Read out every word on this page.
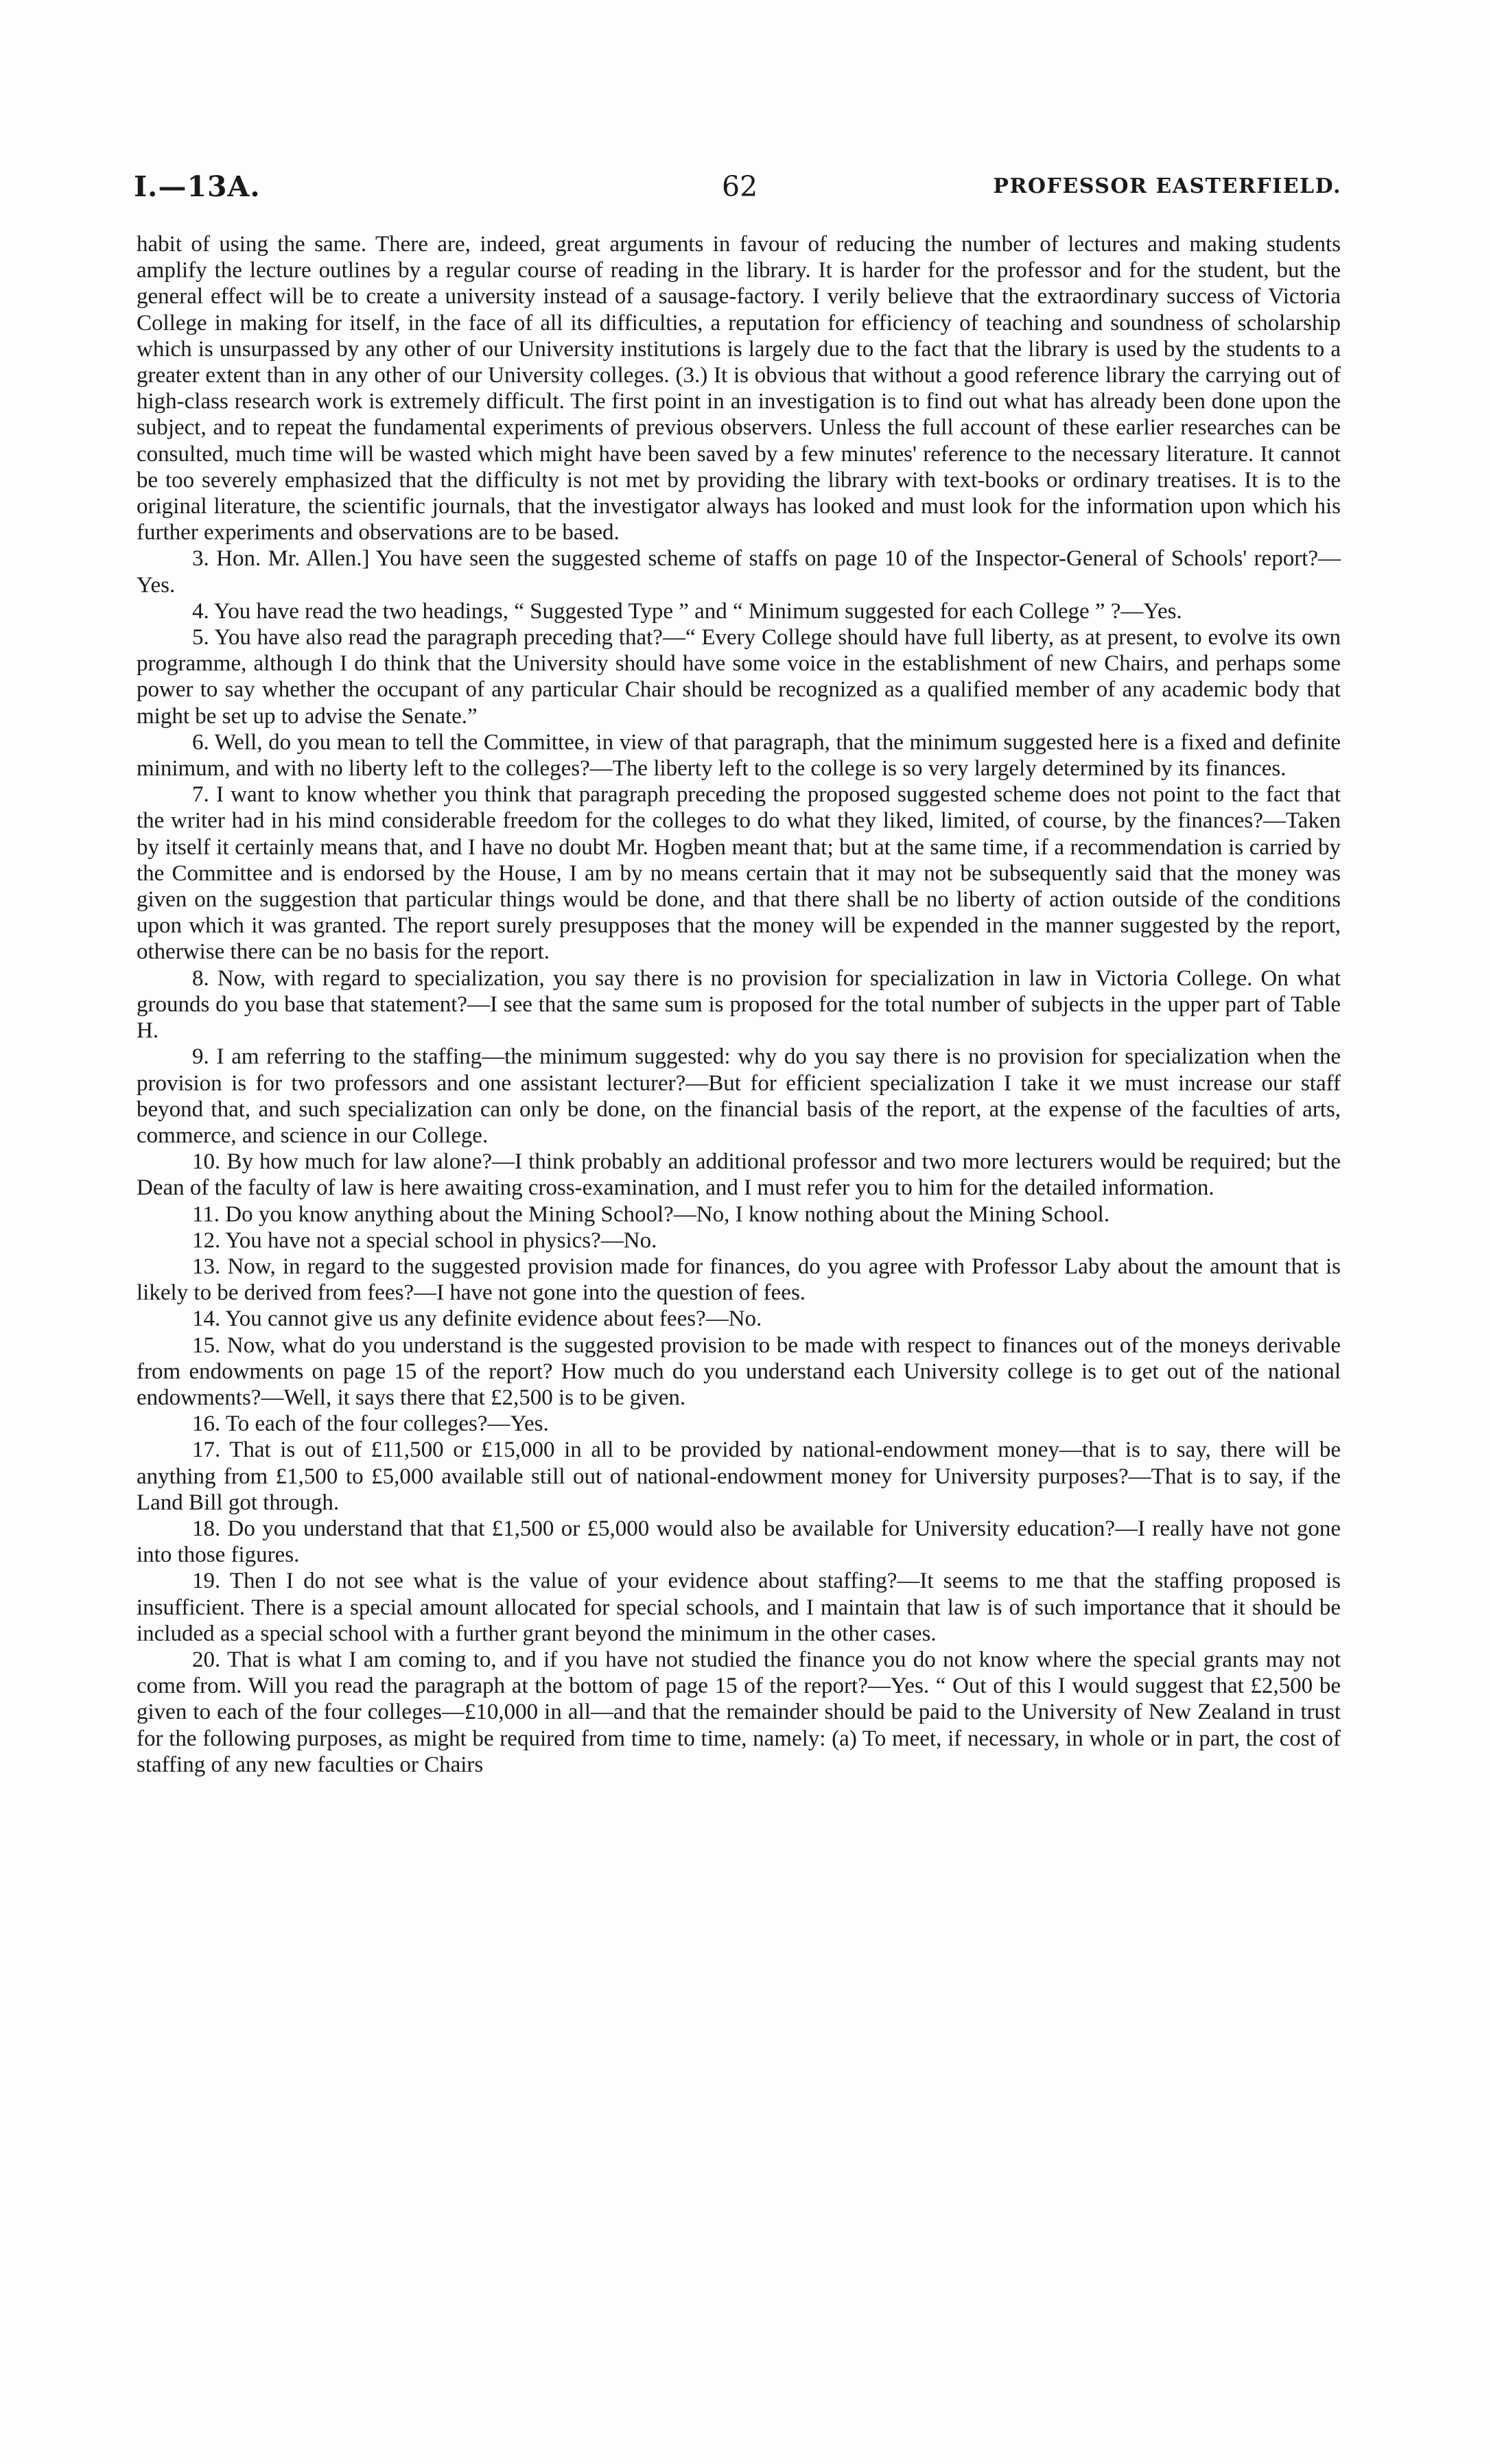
I.—13A.	62	PROFESSOR EASTERFIELD.

habit of using the same. There are, indeed, great arguments in favour of reducing the number of lectures and making students amplify the lecture outlines by a regular course of reading in the library. It is harder for the professor and for the student, but the general effect will be to create a university instead of a sausage-factory. I verily believe that the extraordinary success of Victoria College in making for itself, in the face of all its difficulties, a reputation for efficiency of teaching and soundness of scholarship which is unsurpassed by any other of our University institutions is largely due to the fact that the library is used by the students to a greater extent than in any other of our University colleges. (3.) It is obvious that without a good reference library the carrying out of high-class research work is extremely difficult. The first point in an investigation is to find out what has already been done upon the subject, and to repeat the fundamental experiments of previous observers. Unless the full account of these earlier researches can be consulted, much time will be wasted which might have been saved by a few minutes' reference to the necessary literature. It cannot be too severely emphasized that the difficulty is not met by providing the library with text-books or ordinary treatises. It is to the original literature, the scientific journals, that the investigator always has looked and must look for the information upon which his further experiments and observations are to be based.

3. Hon. Mr. Allen.] You have seen the suggested scheme of staffs on page 10 of the Inspector-General of Schools' report?—Yes.

4. You have read the two headings, “ Suggested Type ” and “ Minimum suggested for each College ” ?—Yes.

5. You have also read the paragraph preceding that?—“ Every College should have full liberty, as at present, to evolve its own programme, although I do think that the University should have some voice in the establishment of new Chairs, and perhaps some power to say whether the occupant of any particular Chair should be recognized as a qualified member of any academic body that might be set up to advise the Senate.”

6. Well, do you mean to tell the Committee, in view of that paragraph, that the minimum suggested here is a fixed and definite minimum, and with no liberty left to the colleges?—The liberty left to the college is so very largely determined by its finances.

7. I want to know whether you think that paragraph preceding the proposed suggested scheme does not point to the fact that the writer had in his mind considerable freedom for the colleges to do what they liked, limited, of course, by the finances?—Taken by itself it certainly means that, and I have no doubt Mr. Hogben meant that; but at the same time, if a recommendation is carried by the Committee and is endorsed by the House, I am by no means certain that it may not be subsequently said that the money was given on the suggestion that particular things would be done, and that there shall be no liberty of action outside of the conditions upon which it was granted. The report surely presupposes that the money will be expended in the manner suggested by the report, otherwise there can be no basis for the report.

8. Now, with regard to specialization, you say there is no provision for specialization in law in Victoria College. On what grounds do you base that statement?—I see that the same sum is proposed for the total number of subjects in the upper part of Table H.

9. I am referring to the staffing—the minimum suggested: why do you say there is no provision for specialization when the provision is for two professors and one assistant lecturer?—But for efficient specialization I take it we must increase our staff beyond that, and such specialization can only be done, on the financial basis of the report, at the expense of the faculties of arts, commerce, and science in our College.

10. By how much for law alone?—I think probably an additional professor and two more lecturers would be required; but the Dean of the faculty of law is here awaiting cross-examination, and I must refer you to him for the detailed information.

11. Do you know anything about the Mining School?—No, I know nothing about the Mining School.

12. You have not a special school in physics?—No.

13. Now, in regard to the suggested provision made for finances, do you agree with Professor Laby about the amount that is likely to be derived from fees?—I have not gone into the question of fees.

14. You cannot give us any definite evidence about fees?—No.

15. Now, what do you understand is the suggested provision to be made with respect to finances out of the moneys derivable from endowments on page 15 of the report? How much do you understand each University college is to get out of the national endowments?—Well, it says there that £2,500 is to be given.

16. To each of the four colleges?—Yes.

17. That is out of £11,500 or £15,000 in all to be provided by national-endowment money—that is to say, there will be anything from £1,500 to £5,000 available still out of national-endowment money for University purposes?—That is to say, if the Land Bill got through.

18. Do you understand that that £1,500 or £5,000 would also be available for University education?—I really have not gone into those figures.

19. Then I do not see what is the value of your evidence about staffing?—It seems to me that the staffing proposed is insufficient. There is a special amount allocated for special schools, and I maintain that law is of such importance that it should be included as a special school with a further grant beyond the minimum in the other cases.

20. That is what I am coming to, and if you have not studied the finance you do not know where the special grants may not come from. Will you read the paragraph at the bottom of page 15 of the report?—Yes. “ Out of this I would suggest that £2,500 be given to each of the four colleges—£10,000 in all—and that the remainder should be paid to the University of New Zealand in trust for the following purposes, as might be required from time to time, namely: (a) To meet, if necessary, in whole or in part, the cost of staffing of any new faculties or Chairs
